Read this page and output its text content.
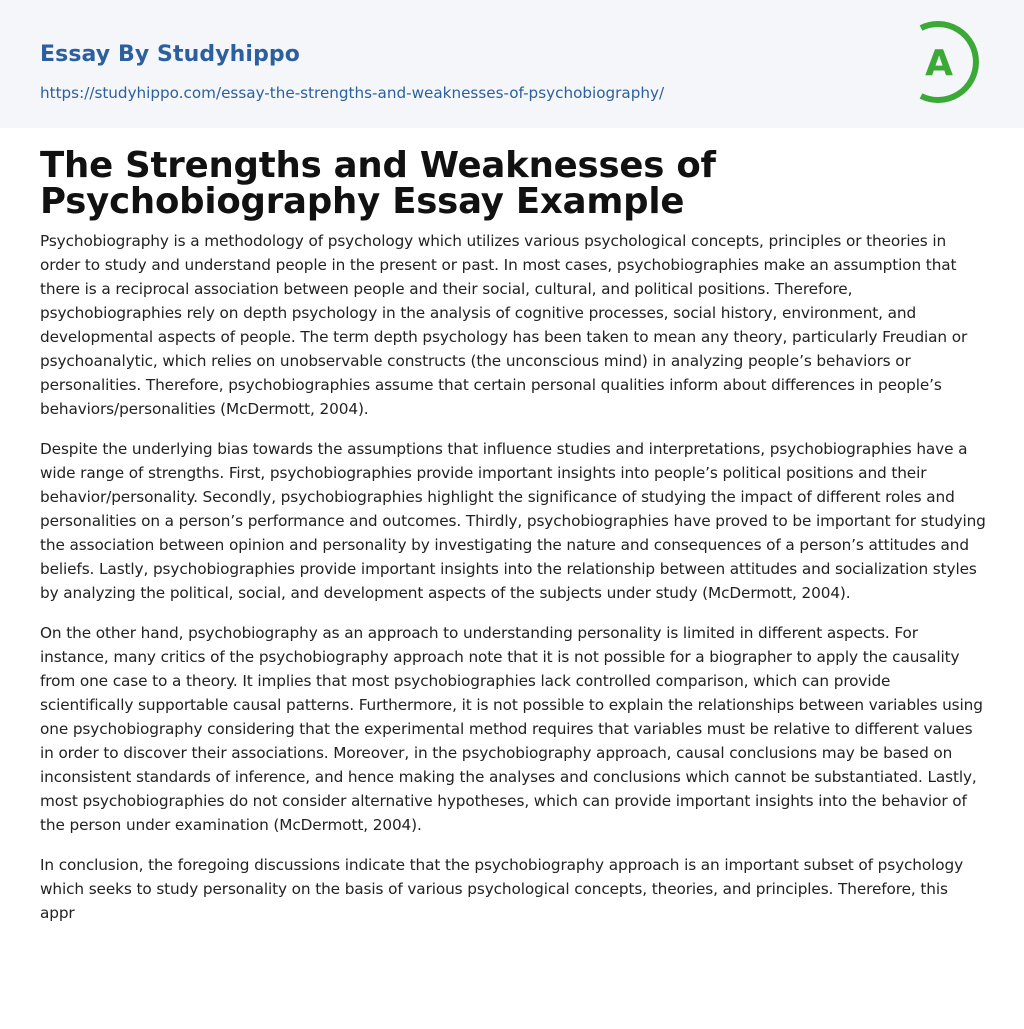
Essay By Studyhippo
https://studyhippo.com/essay-the-strengths-and-weaknesses-of-psychobiography/
A
The Strengths and Weaknesses of Psychobiography Essay Example

Psychobiography is a methodology of psychology which utilizes various psychological concepts, principles or theories in order to study and understand people in the present or past. In most cases, psychobiographies make an assumption that there is a reciprocal association between people and their social, cultural, and political positions. Therefore, psychobiographies rely on depth psychology in the analysis of cognitive processes, social history, environment, and developmental aspects of people. The term depth psychology has been taken to mean any theory, particularly Freudian or psychoanalytic, which relies on unobservable constructs (the unconscious mind) in analyzing people’s behaviors or personalities. Therefore, psychobiographies assume that certain personal qualities inform about differences in people’s behaviors/personalities (McDermott, 2004).

Despite the underlying bias towards the assumptions that influence studies and interpretations, psychobiographies have a wide range of strengths. First, psychobiographies provide important insights into people’s political positions and their behavior/personality. Secondly, psychobiographies highlight the significance of studying the impact of different roles and personalities on a person’s performance and outcomes. Thirdly, psychobiographies have proved to be important for studying the association between opinion and personality by investigating the nature and consequences of a person’s attitudes and beliefs. Lastly, psychobiographies provide important insights into the relationship between attitudes and socialization styles by analyzing the political, social, and development aspects of the subjects under study (McDermott, 2004).

On the other hand, psychobiography as an approach to understanding personality is limited in different aspects. For instance, many critics of the psychobiography approach note that it is not possible for a biographer to apply the causality from one case to a theory. It implies that most psychobiographies lack controlled comparison, which can provide scientifically supportable causal patterns. Furthermore, it is not possible to explain the relationships between variables using one psychobiography considering that the experimental method requires that variables must be relative to different values in order to discover their associations. Moreover, in the psychobiography approach, causal conclusions may be based on inconsistent standards of inference, and hence making the analyses and conclusions which cannot be substantiated. Lastly, most psychobiographies do not consider alternative hypotheses, which can provide important insights into the behavior of the person under examination (McDermott, 2004).

In conclusion, the foregoing discussions indicate that the psychobiography approach is an important subset of psychology which seeks to study personality on the basis of various psychological concepts, theories, and principles. Therefore, this appr
